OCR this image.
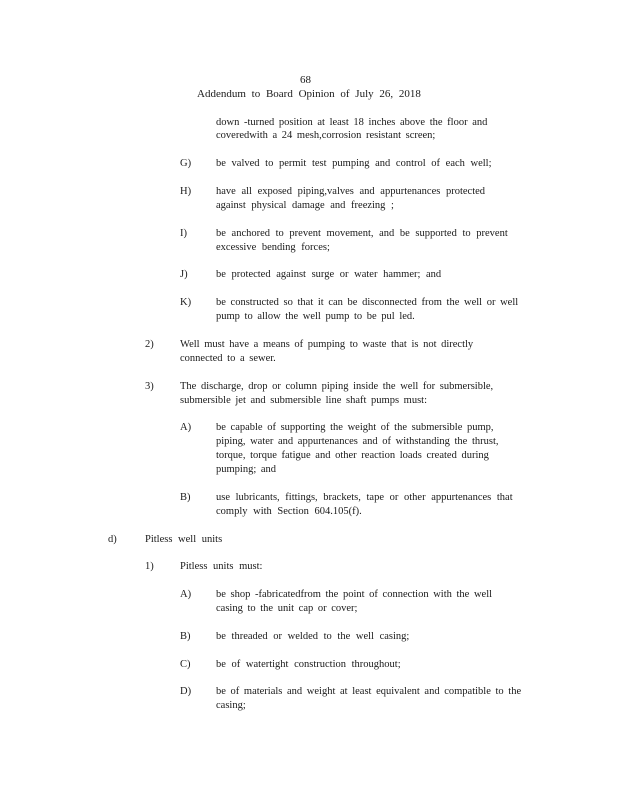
68
Addendum to Board Opinion of July 26, 2018
down -turned position at least 18 inches above the floor and
coveredwith a 24 mesh,corrosion resistant screen;
G) be valved to permit test pumping and control of each well;
H) have all exposed piping,valves and appurtenances protected
against physical damage and freezing ;
I)	be anchored to prevent movement, and be supported to prevent
excessive bending forces;
J)	be protected against surge or water hammer; and
K) be constructed so that it can be disconnected from the well or well
pump to allow the well pump to be pul led.
2)	Well must have a means of pumping to waste that is not directly
connected to a sewer.
3)	The discharge, drop or column piping inside the well for submersible,
submersible jet and submersible line shaft pumps must:
A) be capable of supporting the weight of the submersible pump,
piping, water and appurtenances and of withstanding the thrust,
torque, torque fatigue and other reaction loads created during
pumping; and
B) use lubricants, fittings, brackets, tape or other appurtenances that
comply with Section 604.105(f).
d)	Pitless well units
1)	Pitless units must:
A) be shop -fabricatedfrom the point of connection with the well
casing to the unit cap or cover;
B) be threaded or welded to the well casing;
C) be of watertight construction throughout;
D) be of materials and weight at least equivalent and compatible to the
casing;
